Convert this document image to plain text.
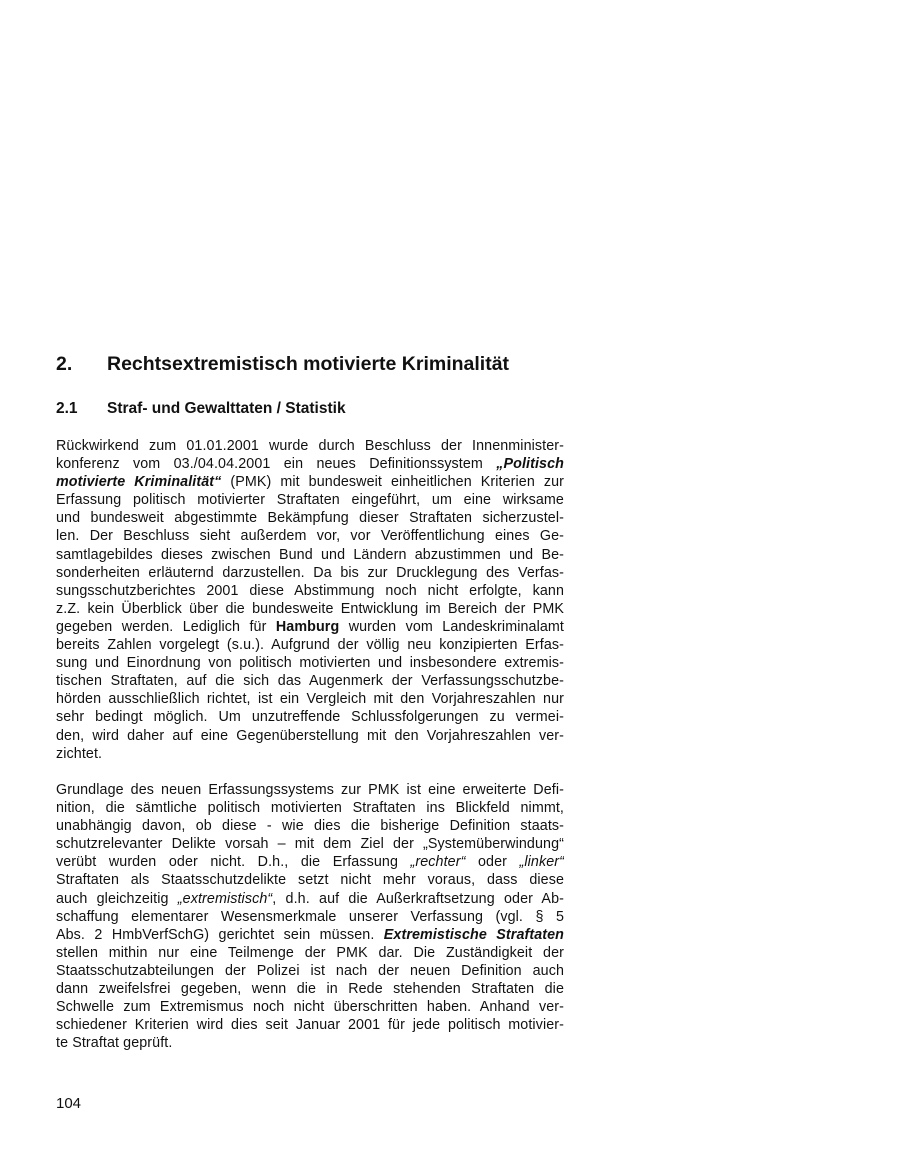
2. Rechtsextremistisch motivierte Kriminalität
2.1 Straf- und Gewalttaten / Statistik
Rückwirkend zum 01.01.2001 wurde durch Beschluss der Innenminister-
konferenz vom 03./04.04.2001 ein neues Definitionssystem „Politisch
motivierte Kriminalität“ (PMK) mit bundesweit einheitlichen Kriterien zur
Erfassung politisch motivierter Straftaten eingeführt, um eine wirksame
und bundesweit abgestimmte Bekämpfung dieser Straftaten sicherzustel-
len. Der Beschluss sieht außerdem vor, vor Veröffentlichung eines Ge-
samtlagebildes dieses zwischen Bund und Ländern abzustimmen und Be-
sonderheiten erläuternd darzustellen. Da bis zur Drucklegung des Verfas-
sungsschutzberichtes 2001 diese Abstimmung noch nicht erfolgte, kann
z.Z. kein Überblick über die bundesweite Entwicklung im Bereich der PMK
gegeben werden. Lediglich für Hamburg wurden vom Landeskriminalamt
bereits Zahlen vorgelegt (s.u.). Aufgrund der völlig neu konzipierten Erfas-
sung und Einordnung von politisch motivierten und insbesondere extremis-
tischen Straftaten, auf die sich das Augenmerk der Verfassungsschutzbe-
hörden ausschließlich richtet, ist ein Vergleich mit den Vorjahreszahlen nur
sehr bedingt möglich. Um unzutreffende Schlussfolgerungen zu vermei-
den, wird daher auf eine Gegenüberstellung mit den Vorjahreszahlen ver-
zichtet.
Grundlage des neuen Erfassungssystems zur PMK ist eine erweiterte Defi-
nition, die sämtliche politisch motivierten Straftaten ins Blickfeld nimmt,
unabhängig davon, ob diese - wie dies die bisherige Definition staats-
schutzrelevanter Delikte vorsah – mit dem Ziel der „Systemüberwindung“
verübt wurden oder nicht. D.h., die Erfassung „rechter“ oder „linker“
Straftaten als Staatsschutzdelikte setzt nicht mehr voraus, dass diese
auch gleichzeitig „extremistisch“, d.h. auf die Außerkraftsetzung oder Ab-
schaffung elementarer Wesensmerkmale unserer Verfassung (vgl. § 5
Abs. 2 HmbVerfSchG) gerichtet sein müssen. Extremistische Straftaten
stellen mithin nur eine Teilmenge der PMK dar. Die Zuständigkeit der
Staatsschutzabteilungen der Polizei ist nach der neuen Definition auch
dann zweifelsfrei gegeben, wenn die in Rede stehenden Straftaten die
Schwelle zum Extremismus noch nicht überschritten haben. Anhand ver-
schiedener Kriterien wird dies seit Januar 2001 für jede politisch motivier-
te Straftat geprüft.
104
